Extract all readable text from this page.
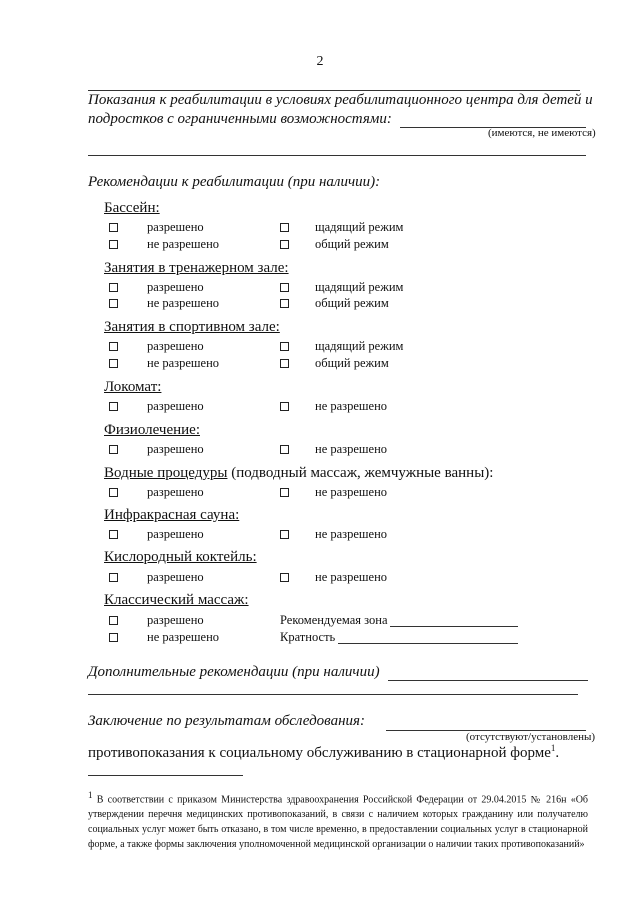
2
Показания к реабилитации в условиях реабилитационного центра для детей и
подростков с ограниченными возможностями:
(имеются, не имеются)
Рекомендации к реабилитации (при наличии):
Бассейн:
разрешено	щадящий режим
не разрешено	общий режим
Занятия в тренажерном зале:
разрешено	щадящий режим
не разрешено	общий режим
Занятия в спортивном зале:
разрешено	щадящий режим
не разрешено	общий режим
Локомат:
разрешено	не разрешено
Физиолечение:
разрешено	не разрешено
Водные процедуры (подводный массаж, жемчужные ванны):
разрешено	не разрешено
Инфракрасная сауна:
разрешено	не разрешено
Кислородный коктейль:
разрешено	не разрешено
Классический массаж:
разрешено	Рекомендуемая зона
не разрешено	Кратность
Дополнительные рекомендации (при наличии)
Заключение по результатам обследования:
(отсутствуют/установлены)
противопоказания к социальному обслуживанию в стационарной форме$^1$.
$^1$ В соответствии с приказом Министерства здравоохранения Российской Федерации от 29.04.2015 № 216н «Об утверждении перечня медицинских противопоказаний, в связи с наличием которых гражданину или получателю социальных услуг может быть отказано, в том числе временно, в предоставлении социальных услуг в стационарной форме, а также формы заключения уполномоченной медицинской организации о наличии таких противопоказаний»
